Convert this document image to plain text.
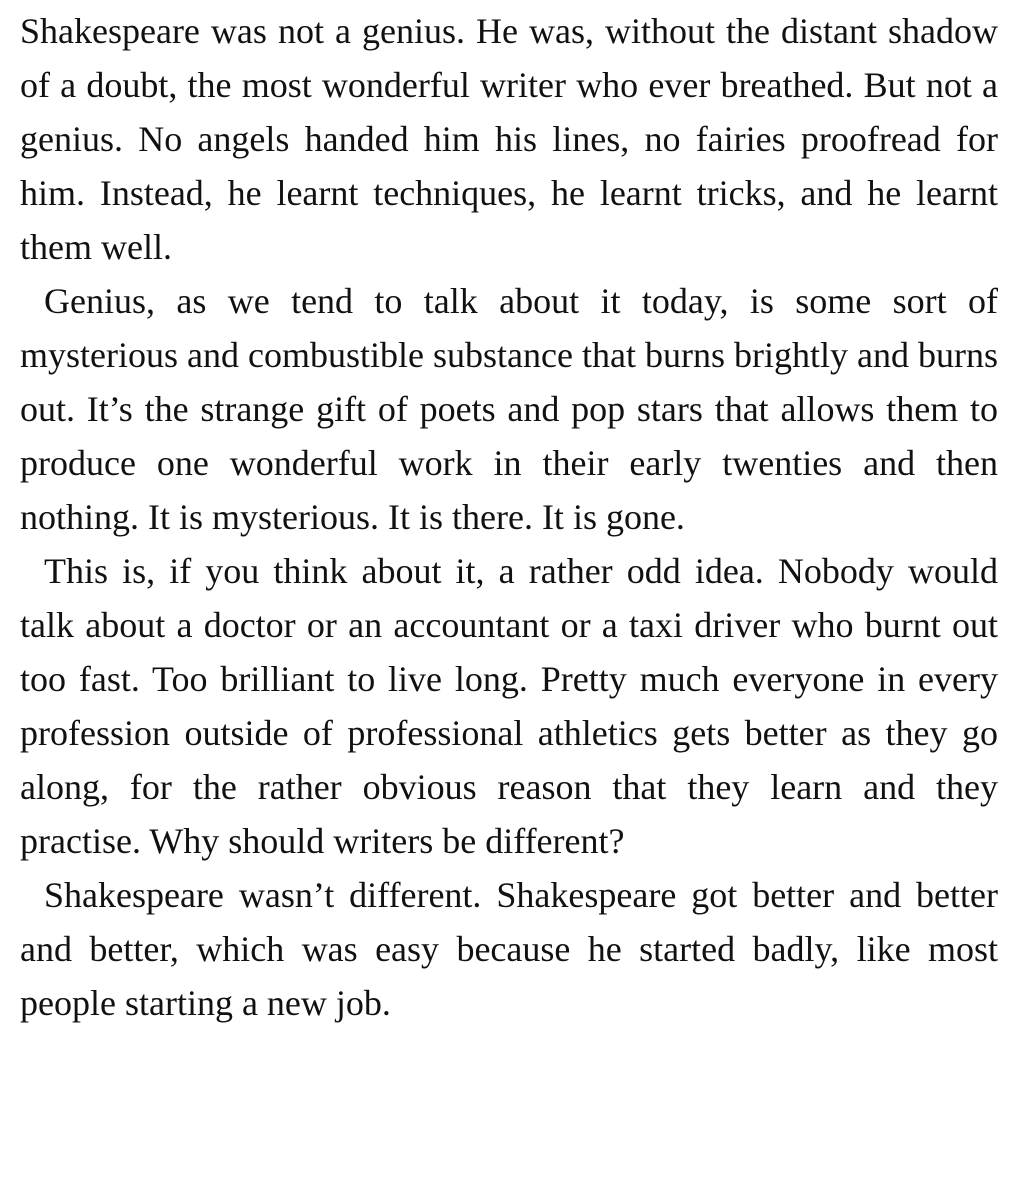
Shakespeare was not a genius. He was, without the distant shadow of a doubt, the most wonderful writer who ever breathed. But not a genius. No angels handed him his lines, no fairies proofread for him. Instead, he learnt techniques, he learnt tricks, and he learnt them well.

Genius, as we tend to talk about it today, is some sort of mysterious and combustible substance that burns brightly and burns out. It’s the strange gift of poets and pop stars that allows them to produce one wonderful work in their early twenties and then nothing. It is mysterious. It is there. It is gone.

This is, if you think about it, a rather odd idea. Nobody would talk about a doctor or an accountant or a taxi driver who burnt out too fast. Too brilliant to live long. Pretty much everyone in every profession outside of professional athletics gets better as they go along, for the rather obvious reason that they learn and they practise. Why should writers be different?

Shakespeare wasn’t different. Shakespeare got better and better and better, which was easy because he started badly, like most people starting a new job.
